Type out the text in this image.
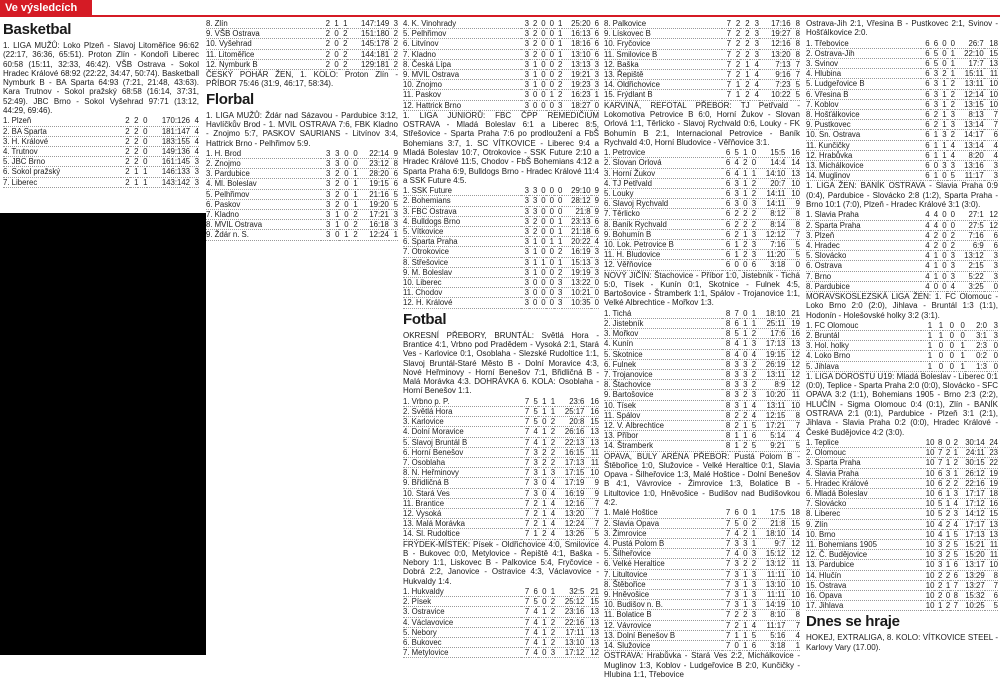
Ve výsledcích
Basketbal

1. LIGA MUŽŮ: Loko Plzeň - Slavoj Litoměřice 96:62 (22:17, 36:36, 65:51). Proton Zlín - Kondoři Liberec 60:58 (15:11, 32:33, 46:42). VŠB Ostrava - Sokol Hradec Králové 68:92 (22:22, 34:47, 50:74). Basketball Nymburk B - BA Sparta 64:93 (7:21, 21:48, 43:63). Kara Trutnov - Sokol pražský 68:58 (16:14, 37:31, 52:49). JBC Brno - Sokol Vyšehrad 97:71 (13:12, 44:29, 69:46).

1. Plzeň	2	2	0	170:126	4
2. BA Sparta	2	2	0	181:147	4
3. H. Králové	2	2	0	183:155	4
4. Trutnov	2	2	0	149:136	4
5. JBC Brno	2	2	0	161:145	3
6. Sokol pražský	2	1	1	146:133	3
7. Liberec	2	1	1	143:142	3
8. Zlín	2	1	1	147:149	3
9. VŠB Ostrava	2	0	2	151:180	2
10. Vyšehrad	2	0	2	145:178	2
11. Litoměřice	2	0	2	144:181	2
12. Nymburk B	2	0	2	129:181	2

ČESKÝ POHÁR ŽEN, 1. KOLO: Proton Zlín - PŘÍBOR 75:46 (31:9, 46:17, 58:34).

Florbal

1. LIGA MUŽŮ: Ždár nad Sázavou - Pardubice 3:12, Havlíčkův Brod - 1. MVIL OSTRAVA 7:6, FBK Kladno - Znojmo 5:7, PASKOV SAURIANS - Litvínov 3:4, Hattrick Brno - Pelhřimov 5:9.

1. H. Brod	3	3	0	0	22:14	9
2. Znojmo	3	3	0	0	23:12	8
3. Pardubice	3	2	0	1	28:20	6
4. Ml. Boleslav	3	2	0	1	19:15	6
5. Pelhřimov	3	2	0	1	21:16	5
6. Paskov	3	2	0	1	19:20	5
7. Kladno	3	1	0	2	17:21	3
8. MVIL Ostrava	3	1	0	2	16:18	3
9. Ždár n. S.	3	0	1	2	12:24	1
4. K. Vinohrady	3	2	0	0	1	25:20	6
5. Pelhřimov	3	2	0	0	1	16:13	6
6. Litvínov	3	2	0	0	1	18:16	6
7. Kladno	3	2	0	0	1	13:10	6
8. Česká Lípa	3	1	0	0	2	13:13	3
9. MVIL Ostrava	3	1	0	0	2	19:21	3
10. Znojmo	3	1	0	0	2	19:23	3
11. Paskov	3	0	0	1	2	16:23	1
12. Hattrick Brno	3	0	0	0	3	18:27	0

1. LIGA JUNIORŮ: FBC ČPP REMEDIČIUM OSTRAVA - Mladá Boleslav 6:1 a Liberec 8:5, Střešovice - Sparta Praha 7:6 po prodloužení a FbŠ Bohemians 3:7, 1. SC VÍTKOVICE - Liberec 9:4 a Mladá Boleslav 10:7, Otrokovice - SSK Future 2:10 a Hradec Králové 11:5, Chodov - FbŠ Bohemians 4:12 a Sparta Praha 6:9, Bulldogs Brno - Hradec Králové 11:4 a SSK Future 4:5.

1. SSK Future	3	3	0	0	0	29:10	9
2. Bohemians	3	3	0	0	0	28:12	9
3. FBC Ostrava	3	3	0	0	0	21:8	9
4. Bulldogs Brno	3	2	0	0	1	23:13	6
5. Vítkovice	3	2	0	0	1	21:18	6
6. Sparta Praha	3	1	0	1	1	20:22	4
7. Otrokovice	3	1	0	0	2	16:19	3
8. Střešovice	3	1	1	0	1	15:13	3
9. M. Boleslav	3	1	0	0	2	19:19	3
10. Liberec	3	0	0	0	3	13:22	0
11. Chodov	3	0	0	0	3	10:21	0
12. H. Králové	3	0	0	0	3	10:35	0
Fotbal

OKRESNÍ PŘEBORY, BRUNTÁL: Světlá Hora - Brantice 4:1, Vrbno pod Pradědem - Vysoká 2:1, Stará Ves - Karlovice 0:1, Osoblaha - Slezské Rudoltice 1:1, Slavoj Bruntál-Staré Město B - Dolní Moravice 4:3, Nové Heřminovy - Horní Benešov 7:1, Břidličná B - Malá Morávka 4:3. DOHRÁVKA 6. KOLA: Osoblaha - Horní Benešov 1:1.

1. Vrbno p. P.	7	5	1	1	23:6	16
2. Světlá Hora	7	5	1	1	25:17	16
3. Karlovice	7	5	0	2	20:8	15
4. Dolní Moravice	7	4	1	2	26:16	13
5. Slavoj Bruntál B	7	4	1	2	22:13	13
6. Horní Benešov	7	3	2	2	16:15	11
7. Osoblaha	7	3	2	2	17:13	11
8. N. Heřminovy	7	3	1	3	17:15	10
9. Břidličná B	7	3	0	4	17:19	9
10. Stará Ves	7	3	0	4	16:19	9
11. Brantice	7	2	1	4	12:16	7
12. Vysoká	7	2	1	4	13:20	7
13. Malá Morávka	7	2	1	4	12:24	7
14. Sl. Rudoltice	7	1	2	4	13:26	5

FRÝDEK-MÍSTEK: Písek - Oldřichovice 4:0, Smilovice B - Bukovec 0:0, Metylovice - Řepiště 4:1, Baška - Nebory 1:1, Liskovec B - Palkovice 5:4, Fryčovice - Dobrá 2:2, Janovice - Ostravice 4:3, Václavovice - Hukvaldy 1:4.

1. Hukvaldy	7	6	0	1	32:5	21
2. Písek	7	5	0	2	25:12	15
3. Ostravice	7	4	1	2	23:16	13
4. Václavovice	7	4	1	2	22:16	13
5. Nebory	7	4	1	2	17:11	13
6. Bukovec	7	4	1	2	13:10	13
7. Metylovice	7	4	0	3	17:12	12
8. Palkovice	7	2	2	3	17:16	8
9. Lískovec B	7	2	2	3	19:27	8
10. Fryčovice	7	2	2	3	12:16	8
11. Smilovice B	7	2	2	3	13:20	8
12. Baška	7	2	1	4	7:13	7
13. Řepiště	7	2	1	4	9:16	7
14. Oldřichovice	7	1	2	4	7:23	5
15. Frýdlant B	7	1	2	4	10:22	5

KARVINÁ, REFOTAL PŘEBOR: TJ Petřvald - Lokomotiva Petrovice B 6:0, Horní Žukov - Slovan Orlová 1:1, Těrlicko - Slavoj Rychvald 0:6, Louky - FK Bohumín B 2:1, Internacional Petrovice - Baník Rychvald 4:0, Horní Bludovice - Věřňovice 3:1.

1. Petrovice	6	5	1	0	15:5	16
2. Slovan Orlová	6	4	2	0	14:4	14
3. Horní Žukov	6	4	1	1	14:10	13
4. TJ Petřvald	6	3	1	2	20:7	10
5. Louky	6	3	1	2	14:11	10
6. Slavoj Rychvald	6	3	0	3	14:11	9
7. Těrlicko	6	2	2	2	8:12	8
8. Baník Rychvald	6	2	2	2	8:14	8
9. Bohumín B	6	2	1	3	12:12	7
10. Lok. Petrovice B	6	1	2	3	7:16	5
11. H. Bludovice	6	1	2	3	11:20	5
12. Věřňovice	6	0	0	6	3:18	0

NOVÝ JIČÍN: Štachovice - Příbor 1:0, Jistebník - Tichá 5:0, Tísek - Kunín 0:1, Skotnice - Fulnek 4:5, Bartošovice - Štramberk 1:1, Spálov - Trojanovice 1:1, Velké Albrechtice - Mořkov 1:3.

1. Tichá	8	7	0	1	18:10	21
2. Jistebník	8	6	1	1	25:11	19
3. Mořkov	8	5	1	2	17:6	16
4. Kunín	8	4	1	3	17:13	13
5. Skotnice	8	4	0	4	19:15	12
6. Fulnek	8	3	3	2	26:19	12
7. Trojanovice	8	3	3	2	13:11	12
8. Štachovice	8	3	3	2	8:9	12
9. Bartošovice	8	3	2	3	10:20	11
10. Tísek	8	3	1	4	13:11	10
11. Spálov	8	2	2	4	12:15	8
12. V. Albrechtice	8	2	1	5	17:21	7
13. Příbor	8	1	1	6	5:14	4
14. Štramberk	8	1	2	5	9:21	5

OPAVA, BULY ARÉNA PŘEBOR: Pustá Polom B - Štěbořice 1:0, Služovice - Velké Heraltice 0:1, Slavia Opava - Šilheřovice 1:3, Malé Hoštice - Dolní Benešov B 4:1, Vávrovice - Žimrovice 1:3, Bolatice B - Litultovice 1:0, Hněvošice - Budišov nad Budišovkou 4:2.

1. Malé Hoštice	7	6	0	1	17:5	18
2. Slavia Opava	7	5	0	2	21:8	15
3. Žimrovice	7	4	2	1	18:10	14
4. Pustá Polom B	7	3	3	1	9:7	12
5. Šilheřovice	7	4	0	3	15:12	12
6. Velké Heraltice	7	3	2	2	13:12	11
7. Litultovice	7	3	1	3	11:11	10
8. Štěbořice	7	3	1	3	13:10	10
9. Hněvošice	7	3	1	3	11:11	10
10. Budišov n. B.	7	3	1	3	14:19	10
11. Bolatice B	7	2	2	3	8:10	8
12. Vávrovice	7	2	1	4	11:17	7
13. Dolní Benešov B	7	1	1	5	5:16	4
14. Služovice	7	0	1	6	3:18	1

OSTRAVA: Hrabůvka - Stará Ves 2:2, Michálkovice - Muglinov 1:3, Koblov - Ludgeřovice B 2:0, Kunčičky - Hlubina 1:1, Třebovice

Ostrava-Jih 2:1, Vřesina B - Pustkovec 2:1, Svinov - Hošťálkovice 2:0.

1. Třebovice	6	6	0	0	26:7	18
2. Ostrava-Jih	6	5	0	1	22:10	15
3. Svinov	6	5	0	1	17:7	13
4. Hlubina	6	3	2	1	15:11	11
5. Ludgeřovice B	6	3	1	2	13:11	10
6. Vřesina B	6	3	1	2	12:14	10
7. Koblov	6	3	1	2	13:15	10
8. Hošťálkovice	6	2	1	3	8:13	7
9. Pustkovec	6	2	1	3	13:14	7
10. Sn. Ostrava	6	1	3	2	14:17	6
11. Kunčičky	6	1	1	4	13:14	4
12. Hrabůvka	6	1	1	4	8:20	4
13. Michálkovice	6	0	3	3	13:16	3
14. Muglinov	6	1	0	5	11:17	3

1. LIGA ŽEN: BANÍK OSTRAVA - Slavia Praha 0:9 (0:4), Pardubice - Slovácko 2:8 (1:2), Sparta Praha - Brno 10:1 (7:0), Plzeň - Hradec Králové 3:1 (3:0).

1. Slavia Praha	4	4	0	0	27:1	12
2. Sparta Praha	4	4	0	0	27:5	12
3. Plzeň	4	2	0	2	7:16	6
4. Hradec	4	2	0	2	6:9	6
5. Slovácko	4	1	0	3	13:12	3
6. Ostrava	4	1	0	3	2:15	3
7. Brno	4	1	0	3	5:22	3
8. Pardubice	4	0	0	4	3:25	0

MORAVSKOSLEZSKÁ LIGA ŽEN: 1. FC Olomouc - Loko Brno 2:0 (2:0), Jihlava - Bruntál 1:3 (1:1), Hodonín - Holešovské holky 3:2 (3:1).

1. FC Olomouc	1	1	0	0	2:0	3
2. Bruntál	1	1	0	0	3:1	3
3. Hol. holky	1	0	0	1	2:3	0
4. Loko Brno	1	0	0	1	0:2	0
5. Jihlava	1	0	0	1	1:3	0

1. LIGA DOROSTU U19: Mladá Boleslav - Liberec 0:1 (0:0), Teplice - Sparta Praha 2:0 (0:0), Slovácko - SFC OPAVA 3:2 (1:1), Bohemians 1905 - Brno 2:3 (2:2), HLUČÍN - Sigma Olomouc 0:4 (0:1), Zlín - BANÍK OSTRAVA 2:1 (0:1), Pardubice - Plzeň 3:1 (2:1), Jihlava - Slavia Praha 0:2 (0:0), Hradec Králové - České Budějovice 4:2 (3:0).

1. Teplice	10	8	0	2	30:14	24
2. Olomouc	10	7	2	1	24:11	23
3. Sparta Praha	10	7	1	2	30:15	22
4. Slavia Praha	10	6	3	1	26:12	19
5. Hradec Králové	10	6	2	2	22:16	19
6. Mladá Boleslav	10	6	1	3	17:17	18
7. Slovácko	10	5	1	4	17:12	16
8. Liberec	10	5	2	3	14:12	15
9. Zlín	10	4	2	4	17:17	13
10. Brno	10	4	1	5	17:13	13
11. Bohemians 1905	10	3	2	5	15:21	11
12. Č. Budějovice	10	3	2	5	15:20	11
13. Pardubice	10	3	1	6	13:17	10
14. Hlučín	10	2	2	6	13:29	8
15. Ostrava	10	2	1	7	13:27	7
16. Opava	10	2	0	8	15:32	6
17. Jihlava	10	1	2	7	10:25	5
Dnes se hraje

HOKEJ, EXTRALIGA, 8. KOLO: VÍTKOVICE STEEL - Karlovy Vary (17.00).
